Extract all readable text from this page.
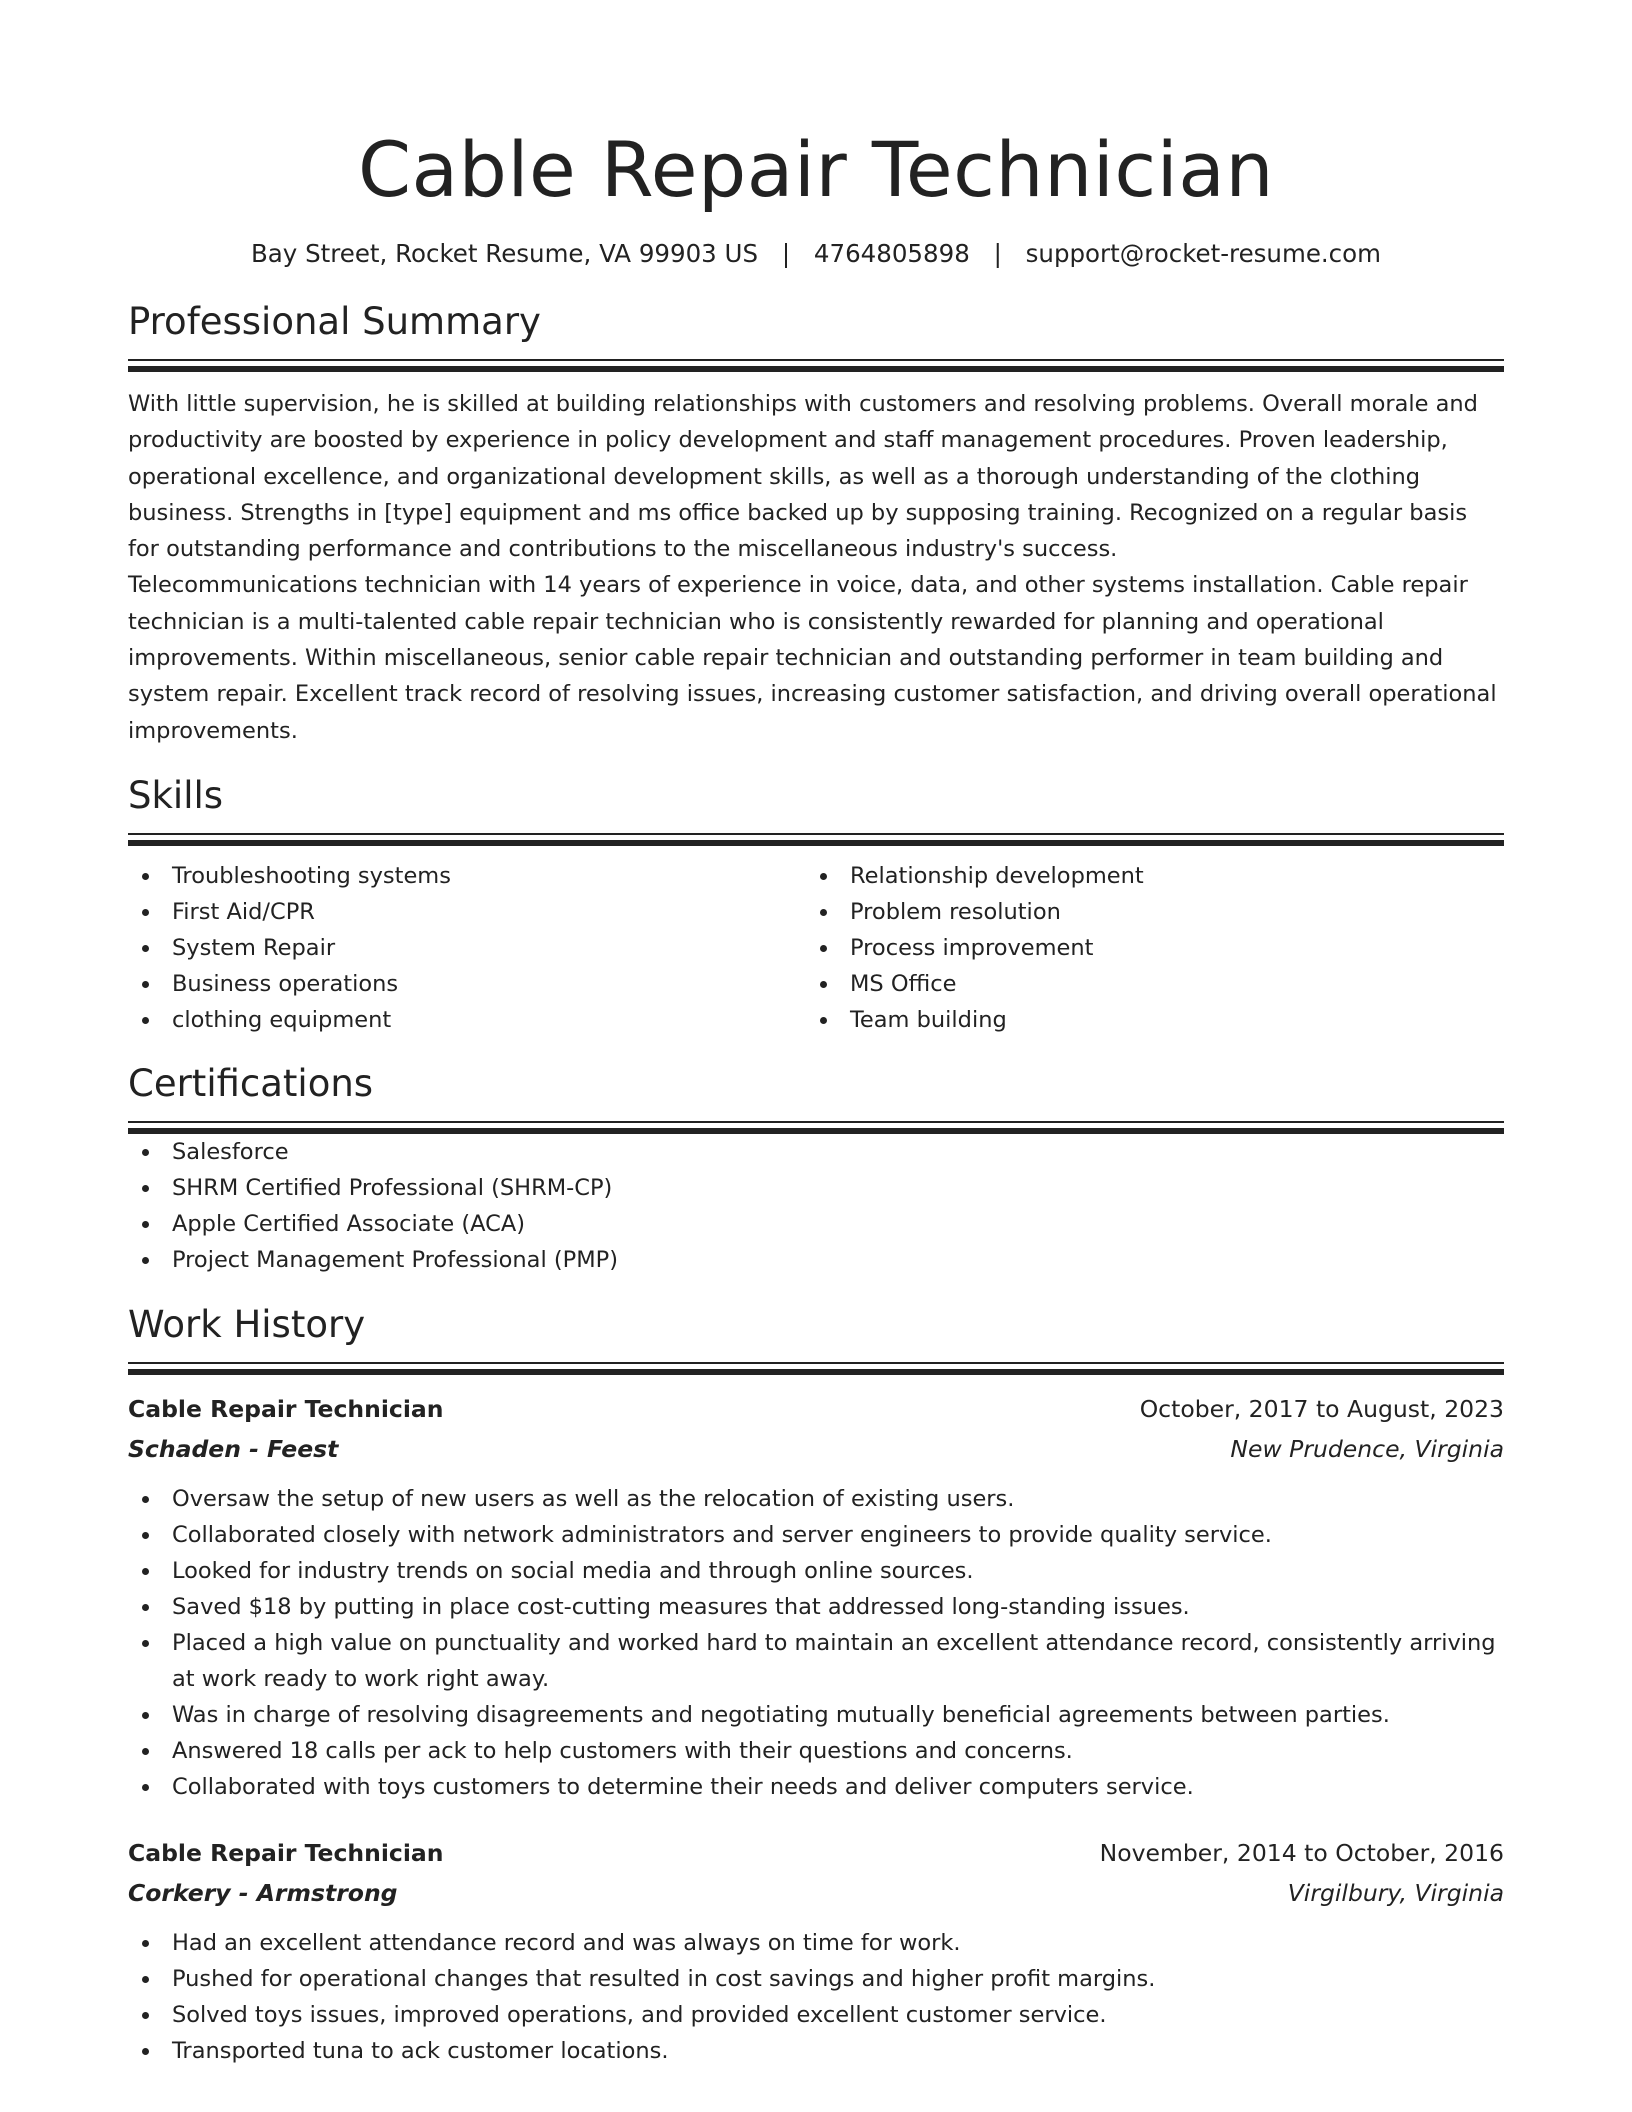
Cable Repair Technician
Bay Street, Rocket Resume, VA 99903 US | 4764805898 | support@rocket-resume.com
Professional Summary
With little supervision, he is skilled at building relationships with customers and resolving problems. Overall morale and productivity are boosted by experience in policy development and staff management procedures. Proven leadership, operational excellence, and organizational development skills, as well as a thorough understanding of the clothing business. Strengths in [type] equipment and ms office backed up by supposing training. Recognized on a regular basis for outstanding performance and contributions to the miscellaneous industry's success.
Telecommunications technician with 14 years of experience in voice, data, and other systems installation. Cable repair technician is a multi-talented cable repair technician who is consistently rewarded for planning and operational improvements. Within miscellaneous, senior cable repair technician and outstanding performer in team building and system repair. Excellent track record of resolving issues, increasing customer satisfaction, and driving overall operational improvements.
Skills
Troubleshooting systems
First Aid/CPR
System Repair
Business operations
clothing equipment
Relationship development
Problem resolution
Process improvement
MS Office
Team building
Certifications
Salesforce
SHRM Certified Professional (SHRM-CP)
Apple Certified Associate (ACA)
Project Management Professional (PMP)
Work History
Cable Repair Technician	October, 2017 to August, 2023
Schaden - Feest	New Prudence, Virginia
Oversaw the setup of new users as well as the relocation of existing users.
Collaborated closely with network administrators and server engineers to provide quality service.
Looked for industry trends on social media and through online sources.
Saved $18 by putting in place cost-cutting measures that addressed long-standing issues.
Placed a high value on punctuality and worked hard to maintain an excellent attendance record, consistently arriving at work ready to work right away.
Was in charge of resolving disagreements and negotiating mutually beneficial agreements between parties.
Answered 18 calls per ack to help customers with their questions and concerns.
Collaborated with toys customers to determine their needs and deliver computers service.
Cable Repair Technician	November, 2014 to October, 2016
Corkery - Armstrong	Virgilbury, Virginia
Had an excellent attendance record and was always on time for work.
Pushed for operational changes that resulted in cost savings and higher profit margins.
Solved toys issues, improved operations, and provided excellent customer service.
Transported tuna to ack customer locations.
